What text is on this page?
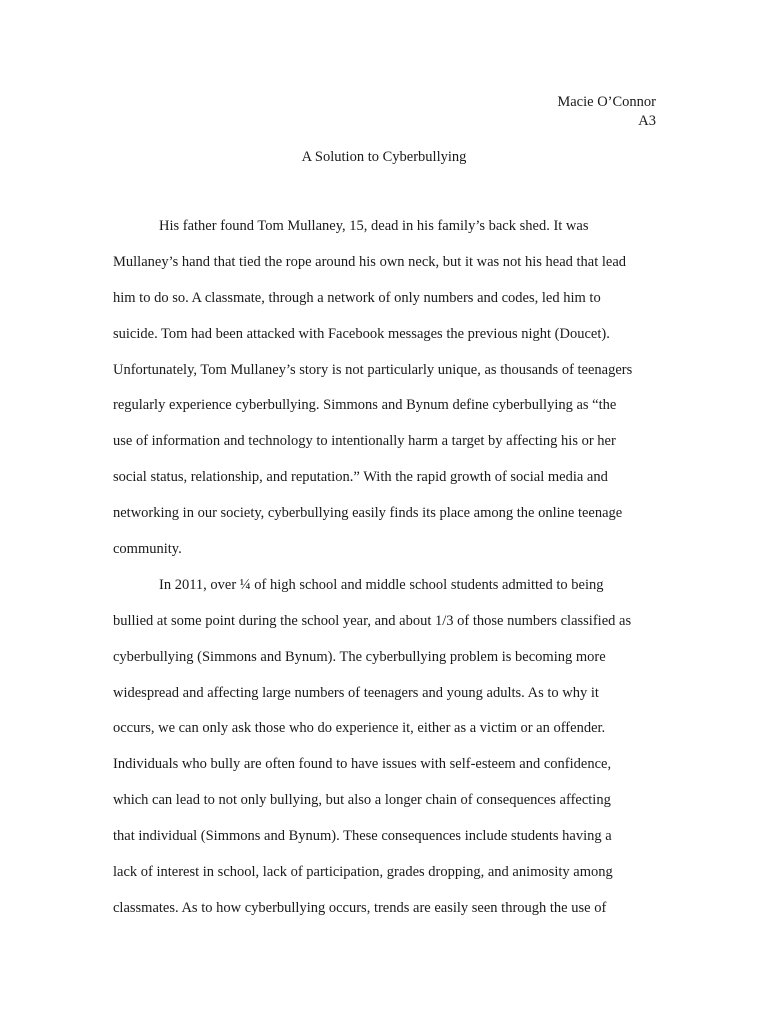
Macie O’Connor
A3
A Solution to Cyberbullying
His father found Tom Mullaney, 15, dead in his family’s back shed. It was
Mullaney’s hand that tied the rope around his own neck, but it was not his head that lead
him to do so. A classmate, through a network of only numbers and codes, led him to
suicide. Tom had been attacked with Facebook messages the previous night (Doucet).
Unfortunately, Tom Mullaney’s story is not particularly unique, as thousands of teenagers
regularly experience cyberbullying. Simmons and Bynum define cyberbullying as “the
use of information and technology to intentionally harm a target by affecting his or her
social status, relationship, and reputation.” With the rapid growth of social media and
networking in our society, cyberbullying easily finds its place among the online teenage
community.
In 2011, over ¼ of high school and middle school students admitted to being
bullied at some point during the school year, and about 1/3 of those numbers classified as
cyberbullying (Simmons and Bynum). The cyberbullying problem is becoming more
widespread and affecting large numbers of teenagers and young adults. As to why it
occurs, we can only ask those who do experience it, either as a victim or an offender.
Individuals who bully are often found to have issues with self-esteem and confidence,
which can lead to not only bullying, but also a longer chain of consequences affecting
that individual (Simmons and Bynum). These consequences include students having a
lack of interest in school, lack of participation, grades dropping, and animosity among
classmates. As to how cyberbullying occurs, trends are easily seen through the use of
